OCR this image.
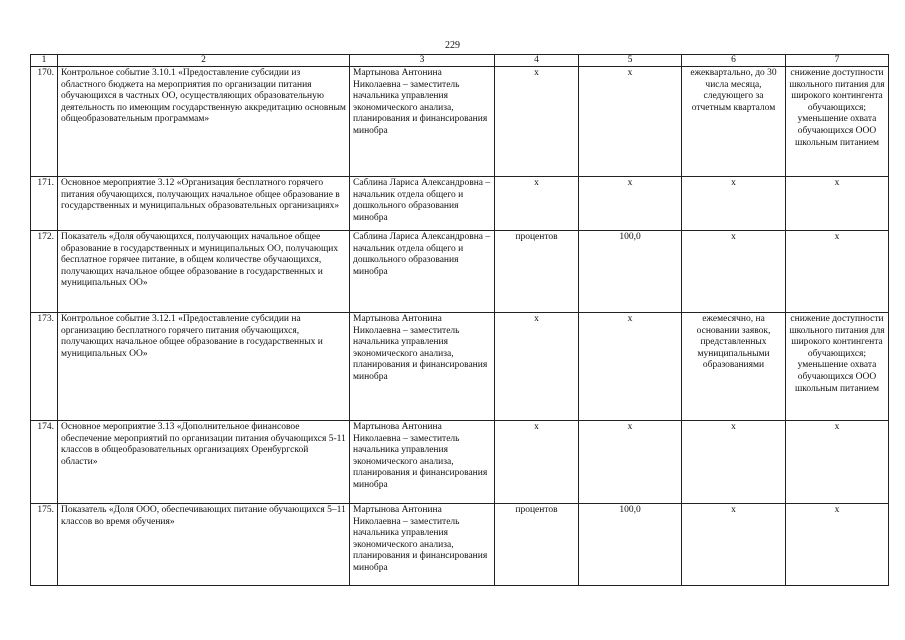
229
1	2	3	4	5	6	7
170.	Контрольное событие 3.10.1 «Предоставление субсидии из областного бюджета на мероприятия по организации питания обучающихся в частных ОО, осуществляющих образовательную деятельность по имеющим государственную аккредитацию основным общеобразовательным программам»	Мартынова Антонина Николаевна – заместитель начальника управления экономического анализа, планирования и финансирования минобра	х	х	ежеквартально, до 30 числа месяца, следующего за отчетным кварталом	снижение доступности школьного питания для широкого контингента обучающихся; уменьшение охвата обучающихся ООО школьным питанием
171.	Основное мероприятие 3.12 «Организация бесплатного горячего питания обучающихся, получающих начальное общее образование в государственных и муниципальных образовательных организациях»	Саблина Лариса Александровна – начальник отдела общего и дошкольного образования минобра	х	х	х	х
172.	Показатель «Доля обучающихся, получающих начальное общее образование в государственных и муниципальных ОО, получающих бесплатное горячее питание, в общем количестве обучающихся, получающих начальное общее образование в государственных и муниципальных ОО»	Саблина Лариса Александровна – начальник отдела общего и дошкольного образования минобра	процентов	100,0	х	х
173.	Контрольное событие 3.12.1 «Предоставление субсидии на организацию бесплатного горячего питания обучающихся, получающих начальное общее образование в государственных и муниципальных ОО»	Мартынова Антонина Николаевна – заместитель начальника управления экономического анализа, планирования и финансирования минобра	х	х	ежемесячно, на основании заявок, представленных муниципальными образованиями	снижение доступности школьного питания для широкого контингента обучающихся; уменьшение охвата обучающихся ООО школьным питанием
174.	Основное мероприятие 3.13 «Дополнительное финансовое обеспечение мероприятий по организации питания обучающихся 5-11 классов в общеобразовательных организациях Оренбургской области»	Мартынова Антонина Николаевна – заместитель начальника управления экономического анализа, планирования и финансирования минобра	х	х	х	х
175.	Показатель «Доля ООО, обеспечивающих питание обучающихся 5–11 классов во время обучения»	Мартынова Антонина Николаевна – заместитель начальника управления экономического анализа, планирования и финансирования минобра	процентов	100,0	х	х
